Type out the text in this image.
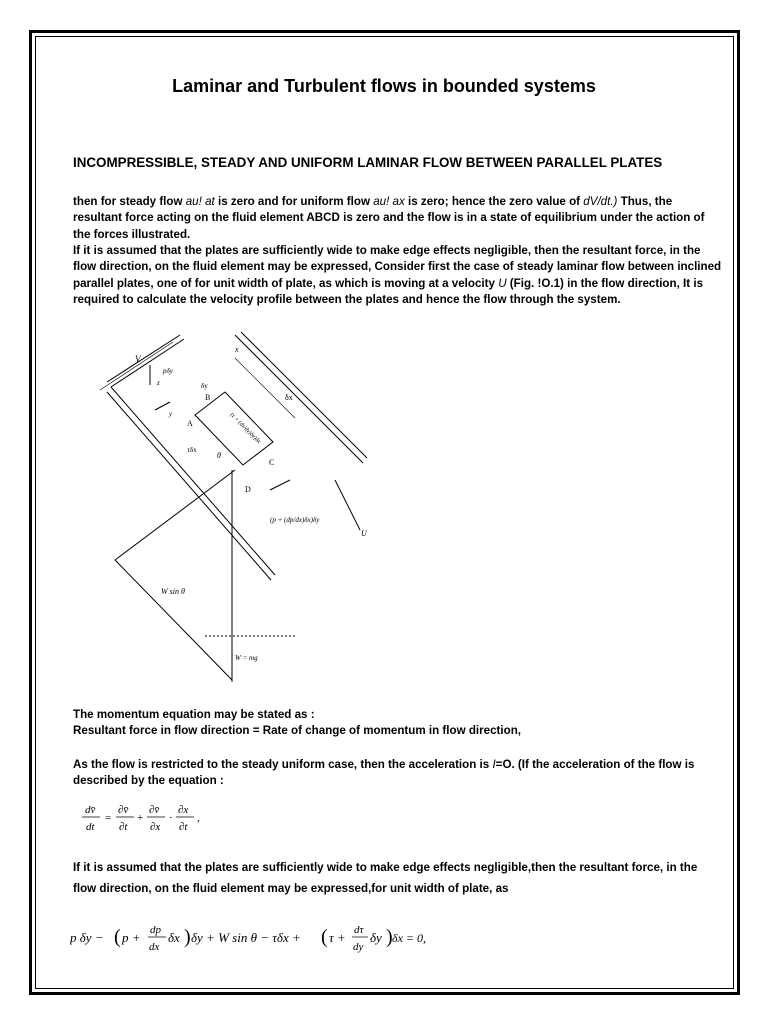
Laminar and Turbulent flows in bounded systems
INCOMPRESSIBLE, STEADY AND UNIFORM LAMINAR FLOW BETWEEN PARALLEL PLATES

then for steady flow au! at is zero and for uniform flow au! ax is zero; hence the zero value of dV/dt.) Thus, the resultant force acting on the fluid element ABCD is zero and the flow is in a state of equilibrium under the action of the forces illustrated.

If it is assumed that the plates are sufficiently wide to make edge effects negligible, then the resultant force, in the flow direction, on the fluid element may be expressed, Consider first the case of steady laminar flow between inclined parallel plates, one of for unit width of plate, as which is moving at a velocity U (Fig. !O.1) in the flow direction, It is required to calculate the velocity profile between the plates and hence the flow through the system.

V
x
δx
pδy
δy
z
y
B
A
C
D
τδx
θ
U
(p + (dp/dx)δx)δy
(τ + (dτ/dy)δy)δx
W sin θ
W = mg

The momentum equation may be stated as :
Resultant force in flow direction = Rate of change of momentum in flow direction,

As the flow is restricted to the steady uniform case, then the acceleration is I=O. (If the acceleration of the flow is described by the equation :

dv̄
dt
=
∂v̄
∂t
+
∂v̄
∂x
·
∂x
∂t
,

If it is assumed that the plates are sufficiently wide to make edge effects negligible,then the resultant force, in the flow direction, on the fluid element may be expressed,for unit width of plate, as

p δy − ( p + dp
dx
δx ) δy + W sin θ − τδx + ( τ + dτ
dy
δy ) δx = 0,
